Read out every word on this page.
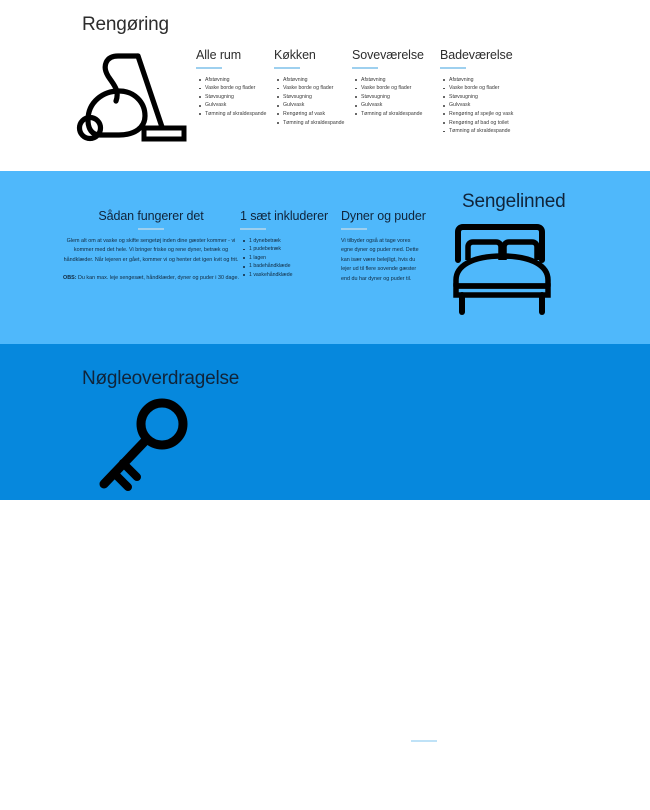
Rengøring
Alle rum
Afstøvning
Vaske borde og flader
Støvsugning
Gulvvask
Tømning af skraldespande
Køkken
Afstøvning
Vaske borde og flader
Støvsugning
Gulvvask
Rengøring af vask
Tømning af skraldespande
Soveværelse
Afstøvning
Vaske borde og flader
Støvsugning
Gulvvask
Tømning af skraldespande
Badeværelse
Afstøvning
Vaske borde og flader
Støvsugning
Gulvvask
Rengøring af spejle og vask
Rengøring af bad og toilet
Tømning af skraldespande
Sengelinned
Sådan fungerer det

Glem alt om at vaske og skifte sengetøj inden dine gæster kommer - vi kommer med det hele. Vi bringer friske og rene dyner, betræk og håndklæder. Når lejeren er gået, kommer vi og henter det igen kvit og frit.

OBS: Du kan max. leje sengesæt, håndklæder, dyner og puder i 30 dage.

1 sæt inkluderer
1 dynebetræk
1 pudebetræk
1 lagen
1 badehåndklæde
1 vaskehåndklæde
Dyner og puder

Vi tilbyder også at tage vores egne dyner og puder med. Dette kan især være belejligt, hvis du lejer ud til flere sovende gæster end du har dyner og puder til.

Nøgleoverdragelse
Sådan fungerer det

For at gøre det så let for dig som muligt, tilbyder vi at overdrage nøglerne til lejeren. Således behøver du ikke at være hjemme for at udleje din bolig.

Hvis det er tilfældet du har flere bookinger på længere tid og ikke er hjemme kan vi også beholde nøglen og derefter gøre klar og overdrage til flere lejere uden du er hjemme. Hvis du rejser nogle dage inden rengøringen skal finde sted, tilbyder vi også at du kan aflevere nøglen ved vores drop-off point og så tager vi den derfra.
